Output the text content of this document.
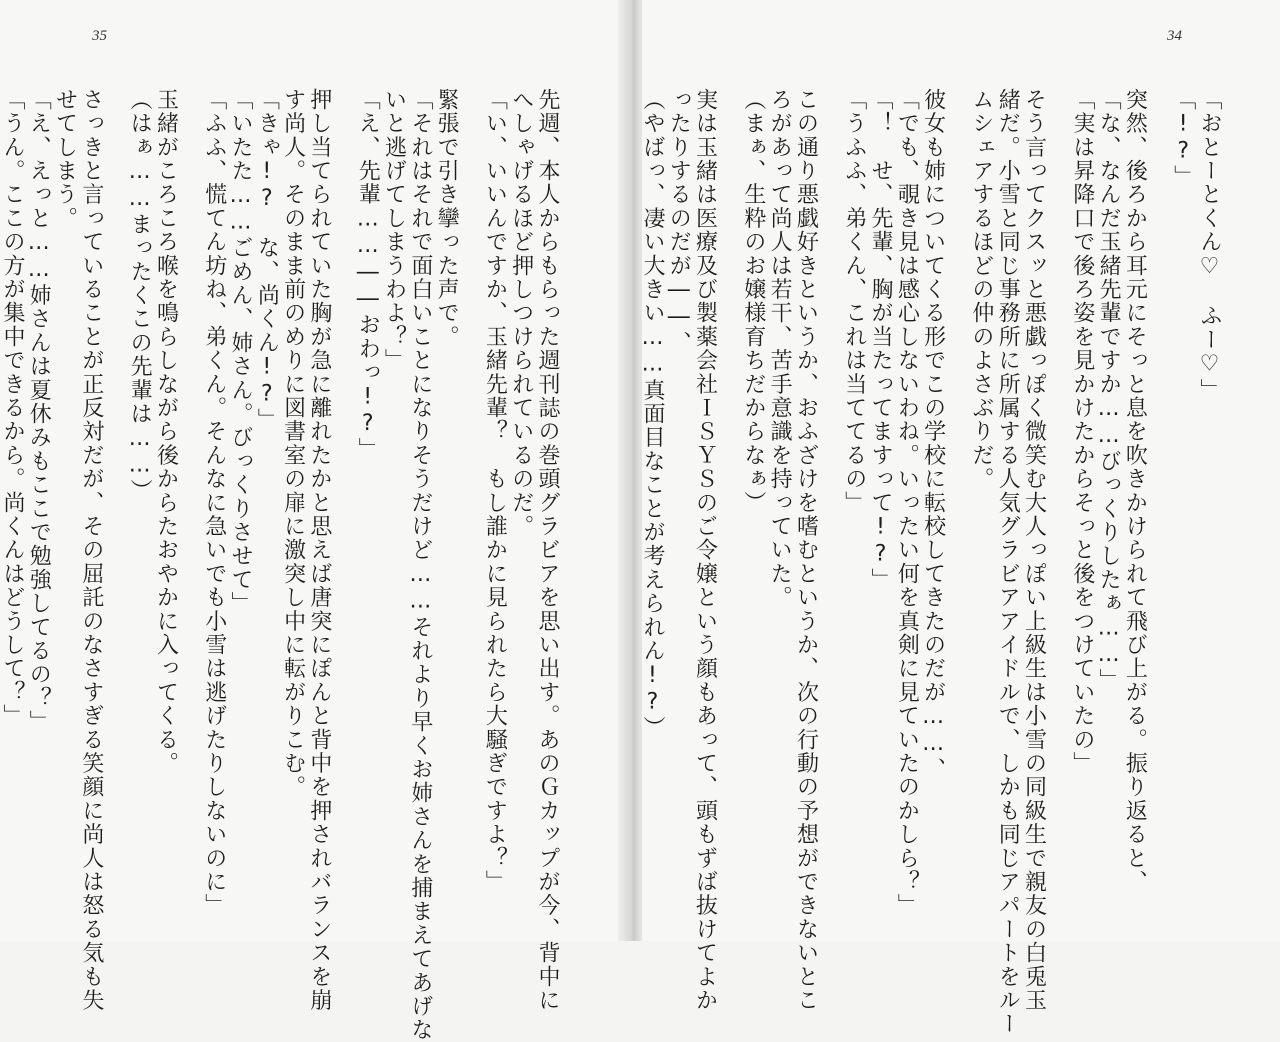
35
先週、本人からもらった週刊誌の巻頭グラビアを思い出す。あのＧカップが今、背中に
へしゃげるほど押しつけられているのだ。
「い、いいんですか、玉緒先輩？　もし誰かに見られたら大騒ぎですよ？」
緊張で引き攣った声で。
「それはそれで面白いことになりそうだけど……それより早くお姉さんを捕まえてあげな
いと逃げてしまうわよ？」
「え、先輩……――おわっ!?」
押し当てられていた胸が急に離れたかと思えば唐突にぽんと背中を押されバランスを崩
す尚人。そのまま前のめりに図書室の扉に激突し中に転がりこむ。
「きゃ!?　な、尚くん!?」
「いたた……ごめん、姉さん。びっくりさせて」
「ふふ、慌てん坊ね、弟くん。そんなに急いでも小雪は逃げたりしないのに」
玉緒がころころ喉を鳴らしながら後からたおやかに入ってくる。
（はぁ……まったくこの先輩は……）
さっきと言っていることが正反対だが、その屈託のなさすぎる笑顔に尚人は怒る気も失
せてしまう。
「え、えっと……姉さんは夏休みもここで勉強してるの？」
「うん。ここの方が集中できるから。尚くんはどうして？」
34
「おとーとくん♡　ふー♡」
「!?」
突然、後ろから耳元にそっと息を吹きかけられて飛び上がる。振り返ると、
「な、なんだ玉緒先輩ですか……びっくりしたぁ……」
「実は昇降口で後ろ姿を見かけたからそっと後をつけていたの」
そう言ってクスッと悪戯っぽく微笑む大人っぽい上級生は小雪の同級生で親友の白兎玉
緒だ。小雪と同じ事務所に所属する人気グラビアアイドルで、しかも同じアパートをルー
ムシェアするほどの仲のよさぶりだ。
彼女も姉についてくる形でこの学校に転校してきたのだが……、
「でも、覗き見は感心しないわね。いったい何を真剣に見ていたのかしら？」
「！　せ、先輩、胸が当たってますって!?」
「うふふ、弟くん、これは当ててるの」
この通り悪戯好きというか、おふざけを嗜むというか、次の行動の予想ができないとこ
ろがあって尚人は若干、苦手意識を持っていた。
（まぁ、生粋のお嬢様育ちだからなぁ）
実は玉緒は医療及び製薬会社ＩＳＹＳのご令嬢という顔もあって、頭もずば抜けてよか
ったりするのだが――、
（やばっ、凄い大きい……真面目なことが考えられん!?）
